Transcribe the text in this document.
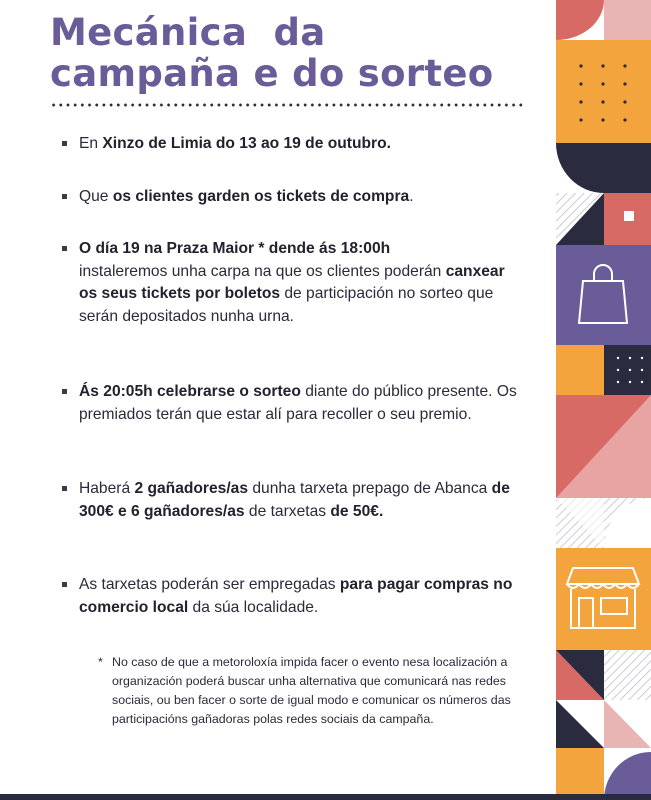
Mecánica  da
campaña e do sorteo
En Xinzo de Limia do 13 ao 19 de outubro.
Que os clientes garden os tickets de compra.
O día 19 na Praza Maior * dende ás 18:00h
instaleremos unha carpa na que os clientes poderán canxear os seus tickets por boletos de participación no sorteo que serán depositados nunha urna.
Ás 20:05h celebrarse o sorteo diante do público presente. Os premiados terán que estar alí para recoller o seu premio.
Haberá 2 gañadores/as dunha tarxeta prepago de Abanca de 300€ e 6 gañadores/as de tarxetas de 50€.
As tarxetas poderán ser empregadas para pagar compras no comercio local da súa localidade.
* No caso de que a metoroloxía impida facer o evento nesa localización a organización poderá buscar unha alternativa que comunicará nas redes sociais, ou ben facer o sorte de igual modo e comunicar os números das participacións gañadoras polas redes sociais da campaña.
